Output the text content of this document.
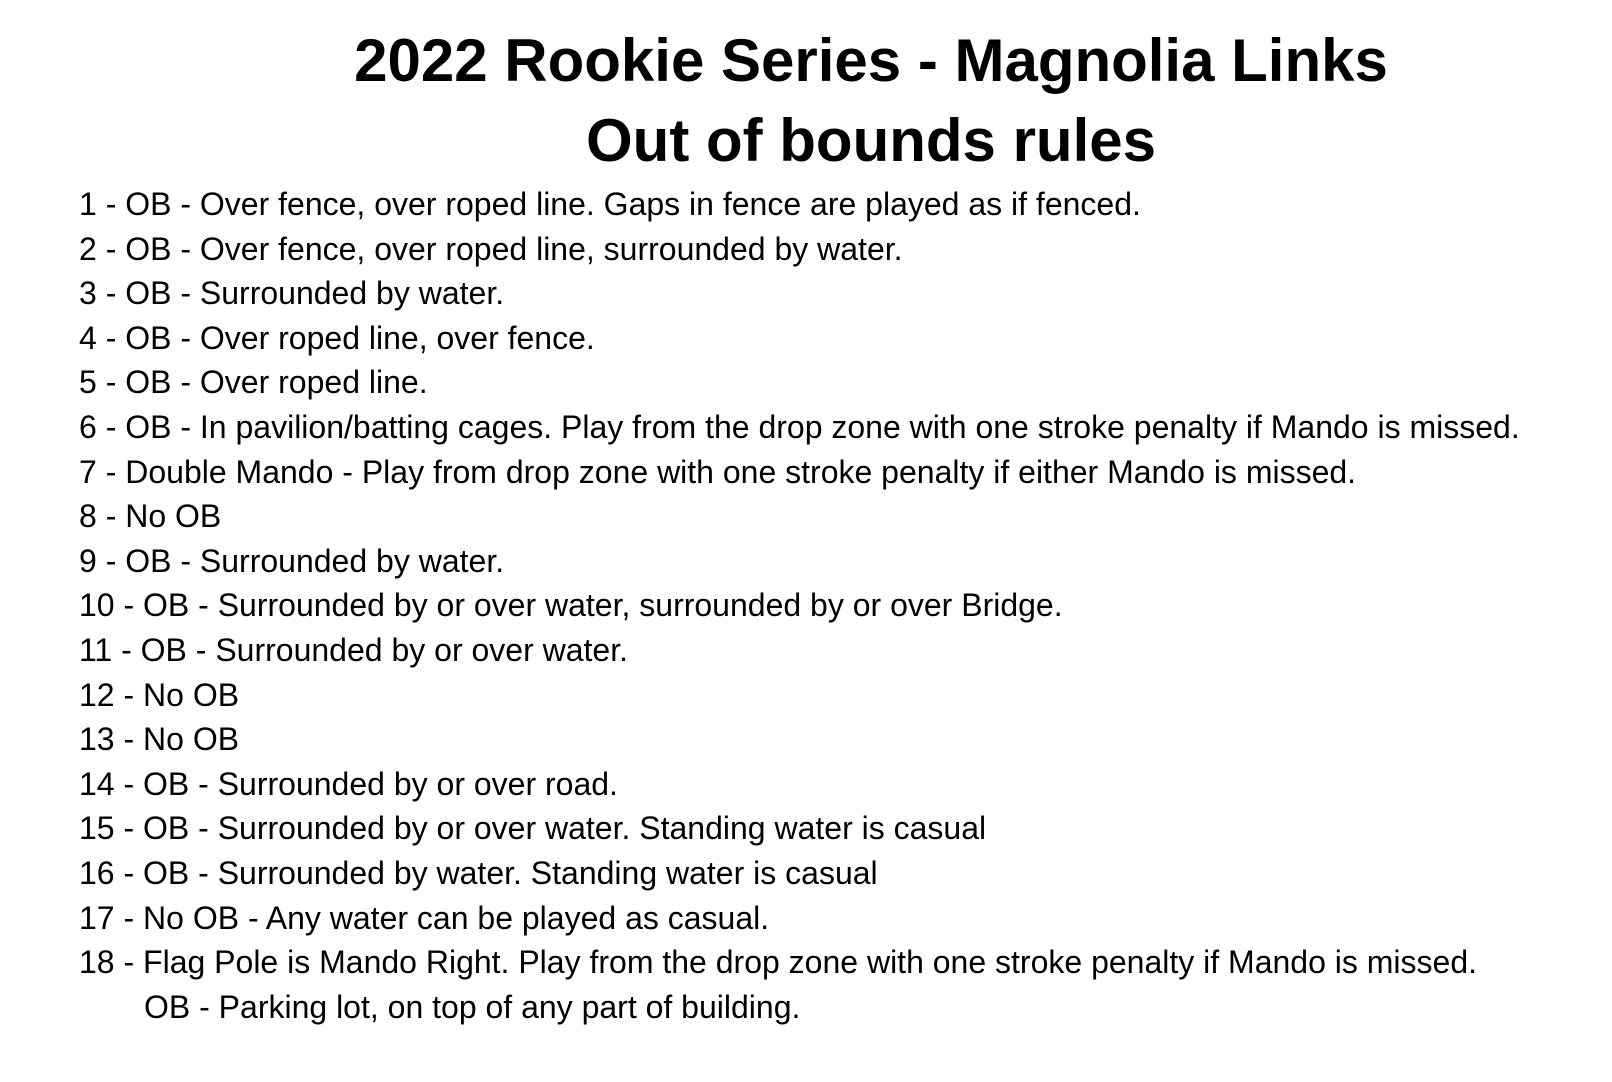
2022 Rookie Series - Magnolia Links
Out of bounds rules
1 - OB - Over fence, over roped line. Gaps in fence are played as if fenced.
2 - OB - Over fence, over roped line, surrounded by water.
3 - OB - Surrounded by water.
4 - OB - Over roped line, over fence.
5 - OB - Over roped line.
6 - OB - In pavilion/batting cages. Play from the drop zone with one stroke penalty if Mando is missed.
7 - Double Mando - Play from drop zone with one stroke penalty if either Mando is missed.
8 - No OB
9 - OB - Surrounded by water.
10 - OB - Surrounded by or over water, surrounded by or over Bridge.
11 - OB - Surrounded by or over water.
12 - No OB
13 - No OB
14 - OB - Surrounded by or over road.
15 - OB - Surrounded by or over water. Standing water is casual
16 - OB - Surrounded by water. Standing water is casual
17 - No OB - Any water can be played as casual.
18 - Flag Pole is Mando Right. Play from the drop zone with one stroke penalty if Mando is missed.
OB - Parking lot, on top of any part of building.
